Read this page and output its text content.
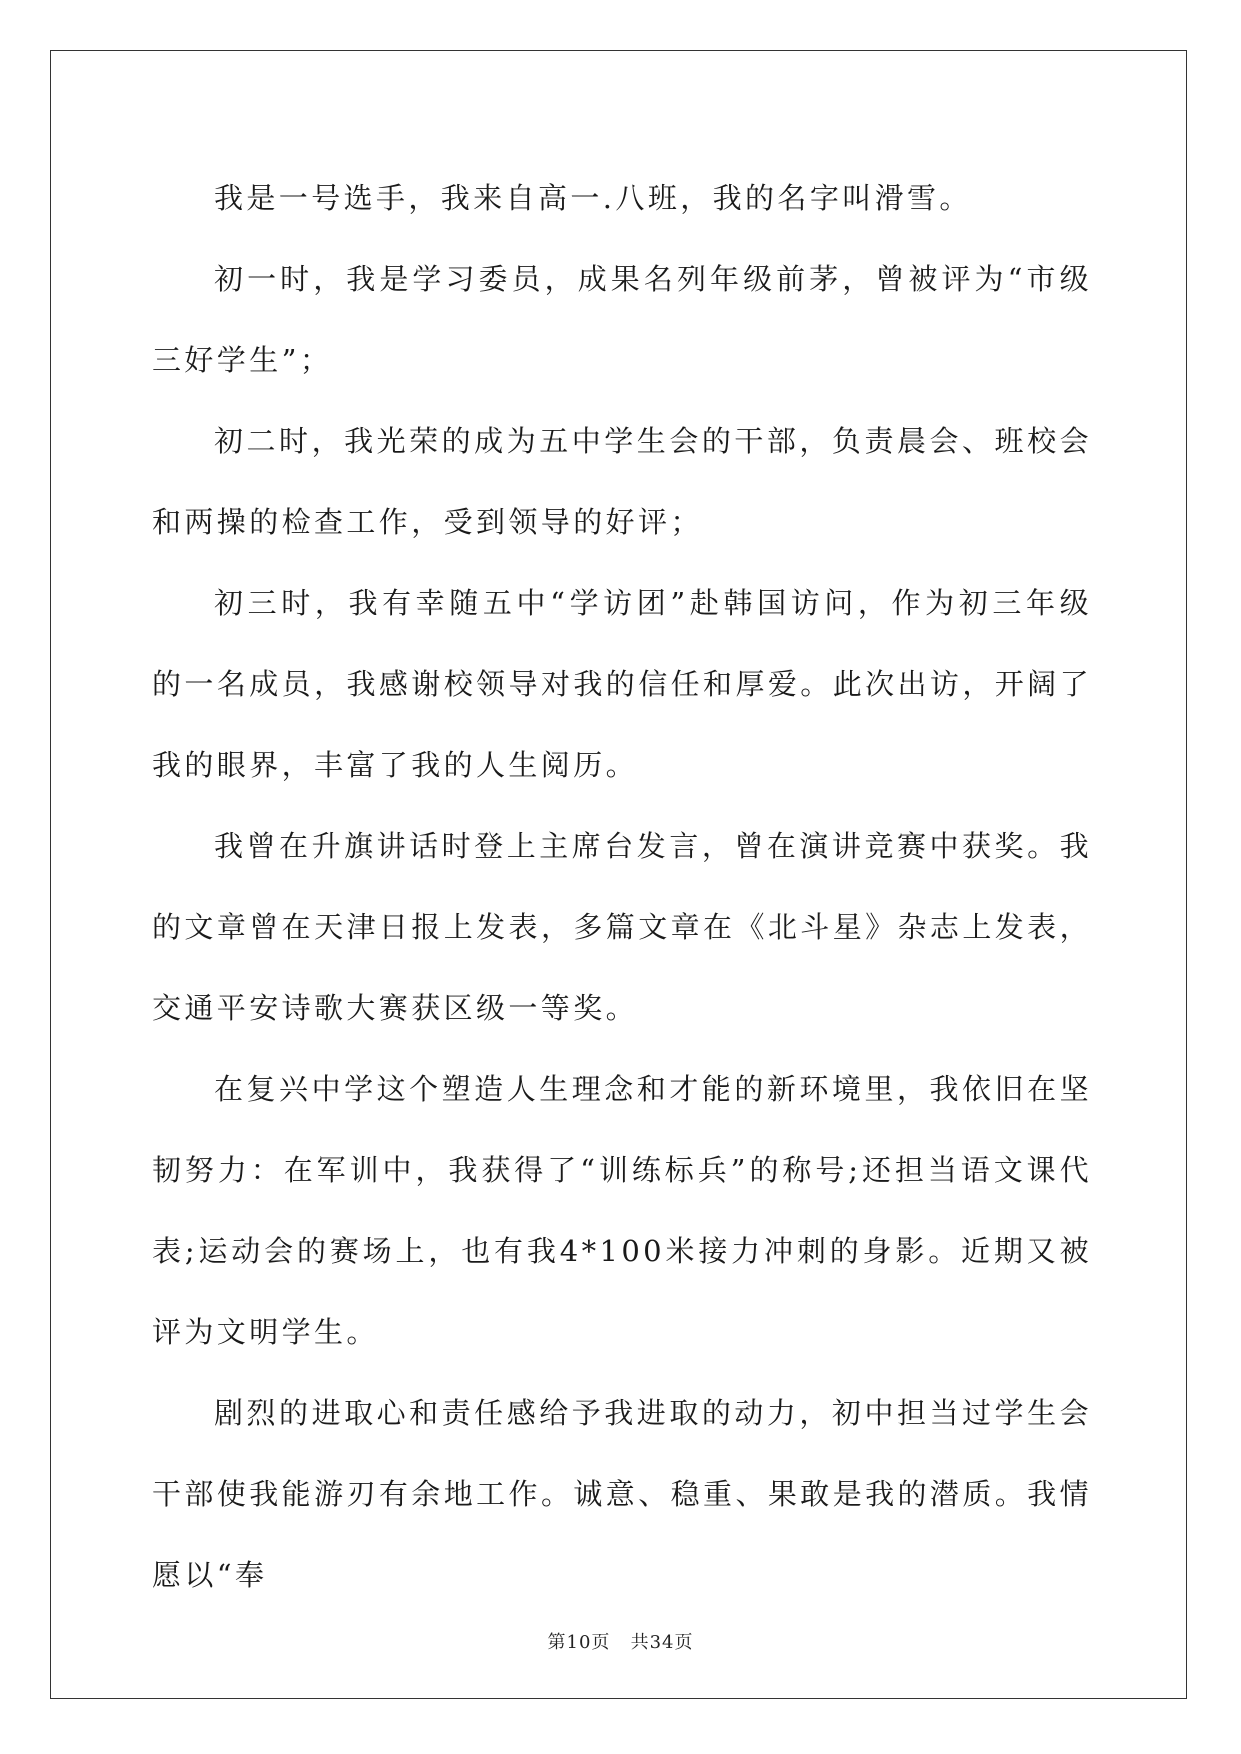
我是一号选手，我来自高一.八班，我的名字叫滑雪。

初一时，我是学习委员，成果名列年级前茅，曾被评为“市级三好学生”；

初二时，我光荣的成为五中学生会的干部，负责晨会、班校会和两操的检查工作，受到领导的好评；

初三时，我有幸随五中“学访团”赴韩国访问，作为初三年级的一名成员，我感谢校领导对我的信任和厚爱。此次出访，开阔了我的眼界，丰富了我的人生阅历。

我曾在升旗讲话时登上主席台发言，曾在演讲竞赛中获奖。我的文章曾在天津日报上发表，多篇文章在《北斗星》杂志上发表，交通平安诗歌大赛获区级一等奖。

在复兴中学这个塑造人生理念和才能的新环境里，我依旧在坚韧努力：在军训中，我获得了“训练标兵”的称号;还担当语文课代表;运动会的赛场上，也有我4*100米接力冲刺的身影。近期又被评为文明学生。

剧烈的进取心和责任感给予我进取的动力，初中担当过学生会干部使我能游刃有余地工作。诚意、稳重、果敢是我的潜质。我情愿以“奉

第10页   共34页
